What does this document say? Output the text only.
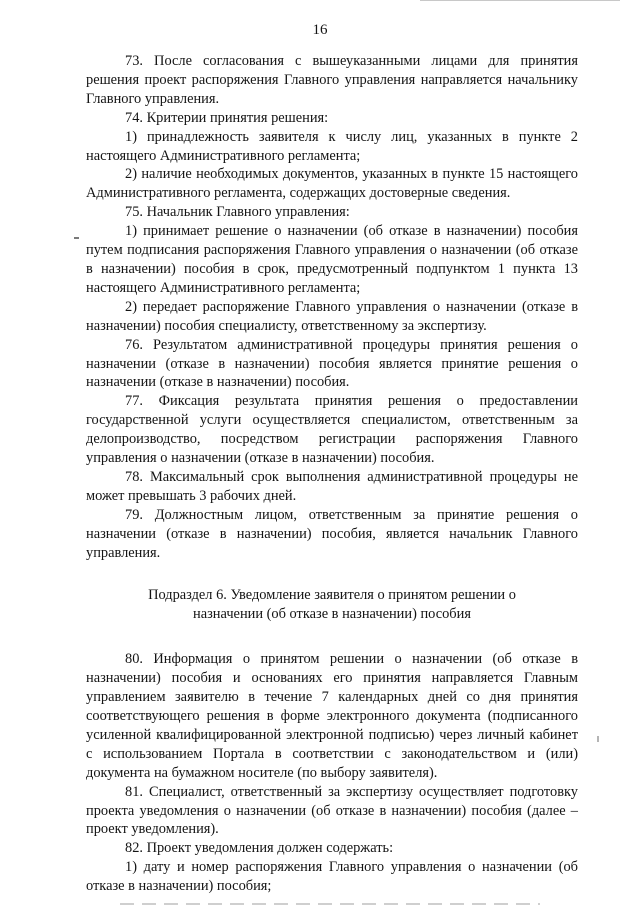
16

73. После согласования с вышеуказанными лицами для принятия решения проект распоряжения Главного управления направляется начальнику Главного управления.

74. Критерии принятия решения:

1) принадлежность заявителя к числу лиц, указанных в пункте 2 настоящего Административного регламента;

2) наличие необходимых документов, указанных в пункте 15 настоящего Административного регламента, содержащих достоверные сведения.

75. Начальник Главного управления:

1) принимает решение о назначении (об отказе в назначении) пособия путем подписания распоряжения Главного управления о назначении (об отказе в назначении) пособия в срок, предусмотренный подпунктом 1 пункта 13 настоящего Административного регламента;

2) передает распоряжение Главного управления о назначении (отказе в назначении) пособия специалисту, ответственному за экспертизу.

76. Результатом административной процедуры принятия решения о назначении (отказе в назначении) пособия является принятие решения о назначении (отказе в назначении) пособия.

77. Фиксация результата принятия решения о предоставлении государственной услуги осуществляется специалистом, ответственным за делопроизводство, посредством регистрации распоряжения Главного управления о назначении (отказе в назначении) пособия.

78. Максимальный срок выполнения административной процедуры не может превышать 3 рабочих дней.

79. Должностным лицом, ответственным за принятие решения о назначении (отказе в назначении) пособия, является начальник Главного управления.

Подраздел 6. Уведомление заявителя о принятом решении о
назначении (об отказе в назначении) пособия

80. Информация о принятом решении о назначении (об отказе в назначении) пособия и основаниях его принятия направляется Главным управлением заявителю в течение 7 календарных дней со дня принятия соответствующего решения в форме электронного документа (подписанного усиленной квалифицированной электронной подписью) через личный кабинет с использованием Портала в соответствии с законодательством и (или) документа на бумажном носителе (по выбору заявителя).

81. Специалист, ответственный за экспертизу осуществляет подготовку проекта уведомления о назначении (об отказе в назначении) пособия (далее – проект уведомления).

82. Проект уведомления должен содержать:

1) дату и номер распоряжения Главного управления о назначении (об отказе в назначении) пособия;
